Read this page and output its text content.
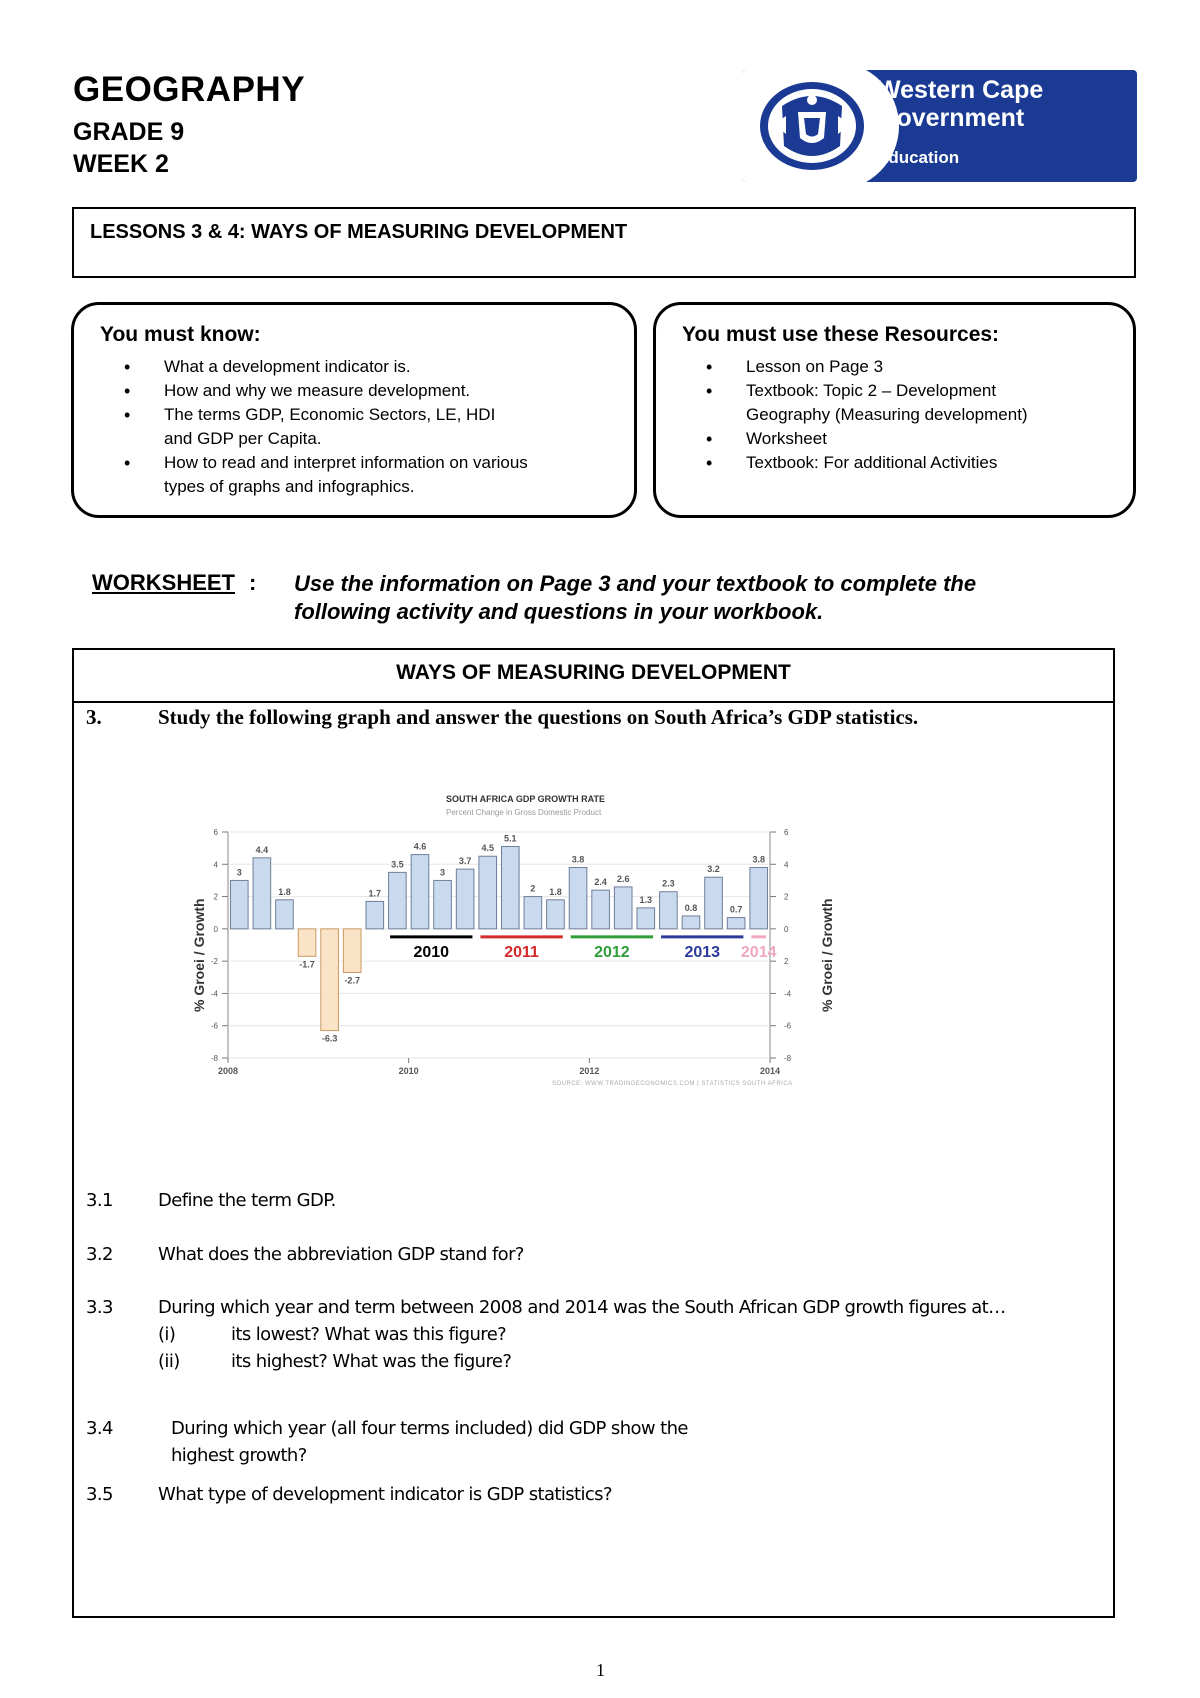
GEOGRAPHY
GRADE 9
WEEK 2
Western Cape
Government
Education
LESSONS 3 & 4: WAYS OF MEASURING DEVELOPMENT
You must know:
• What a development indicator is.
• How and why we measure development.
• The terms GDP, Economic Sectors, LE, HDI
and GDP per Capita.
• How to read and interpret information on various
types of graphs and infographics.
You must use these Resources:
• Lesson on Page 3
• Textbook: Topic 2 – Development
Geography (Measuring development)
• Worksheet
• Textbook: For additional Activities
WORKSHEET : Use the information on Page 3 and your textbook to complete the
following activity and questions in your workbook.
WAYS OF MEASURING DEVELOPMENT
3.	Study the following graph and answer the questions on South Africa’s GDP statistics.
SOUTH AFRICA GDP GROWTH RATE
Percent Change in Gross Domestic Product
3
4.4
1.8
-1.7
-6.3
-2.7
1.7
3.5
4.6
3
3.7
4.5
5.1
2 1.8
3.8
2.4 2.6
1.3
2.3
0.8
3.2
0.7
3.8
6	6
4	4
2	2
0	0
-2	2
-4	-4
-6	-6
-8	-8
2008	2010	2012	2014
2010	2011	2012	2013 2014
% Groei / Growth	% Groei / Growth
SOURCE: WWW.TRADINGECONOMICS.COM | STATISTICS SOUTH AFRICA
3.1	Define the term GDP.
3.2	What does the abbreviation GDP stand for?
3.3	During which year and term between 2008 and 2014 was the South African GDP growth figures at…
(i)	its lowest? What was this figure?
(ii)	its highest? What was the figure?
3.4	During which year (all four terms included) did GDP show the
highest growth?
3.5	What type of development indicator is GDP statistics?
1
